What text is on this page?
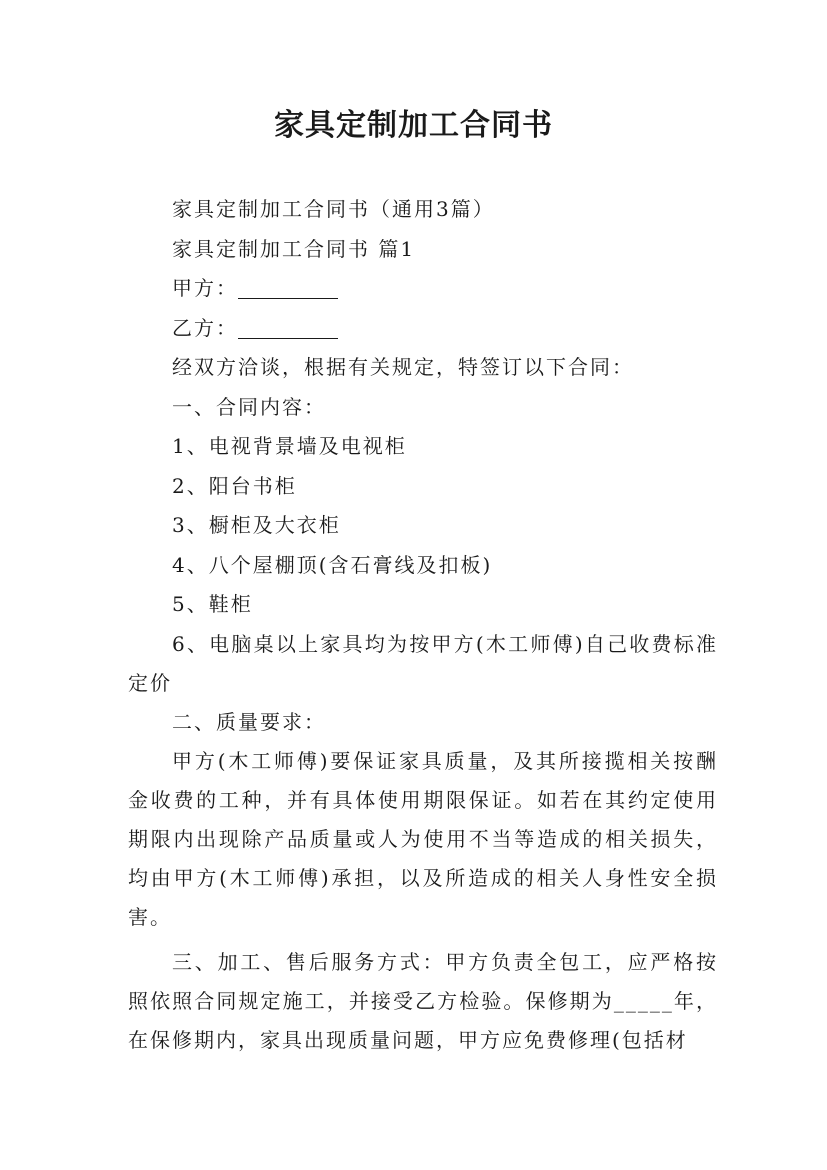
家具定制加工合同书
家具定制加工合同书（通用3篇）
家具定制加工合同书 篇1
甲方：
乙方：
经双方洽谈，根据有关规定，特签订以下合同：
一、合同内容：
1、电视背景墙及电视柜
2、阳台书柜
3、橱柜及大衣柜
4、八个屋棚顶(含石膏线及扣板)
5、鞋柜

6、电脑桌以上家具均为按甲方(木工师傅)自己收费标准定价

二、质量要求：

甲方(木工师傅)要保证家具质量，及其所接揽相关按酬金收费的工种，并有具体使用期限保证。如若在其约定使用期限内出现除产品质量或人为使用不当等造成的相关损失，均由甲方(木工师傅)承担，以及所造成的相关人身性安全损害。

三、加工、售后服务方式：甲方负责全包工，应严格按照依照合同规定施工，并接受乙方检验。保修期为_____年，在保修期内，家具出现质量问题，甲方应免费修理(包括材
